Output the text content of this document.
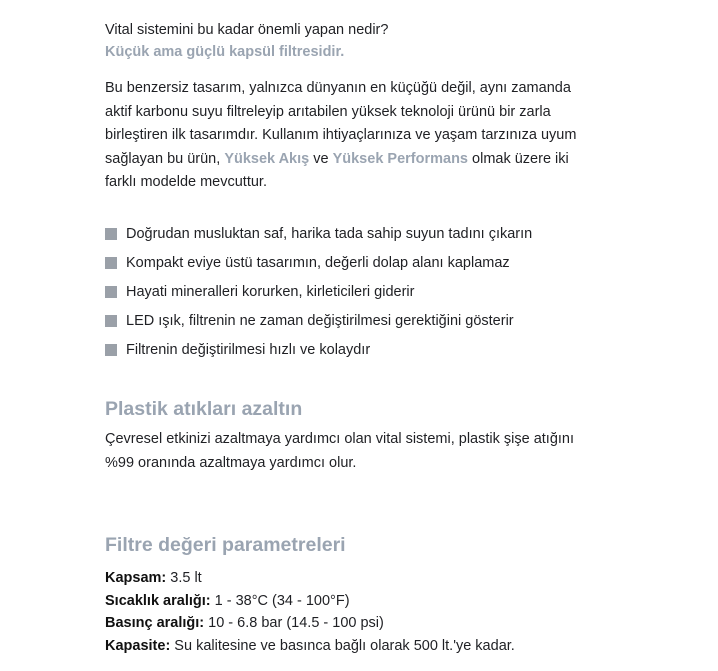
Vital sistemini bu kadar önemli yapan nedir?

Küçük ama güçlü kapsül filtresidir.

Bu benzersiz tasarım, yalnızca dünyanın en küçüğü değil, aynı zamanda aktif karbonu suyu filtreleyip arıtabilen yüksek teknoloji ürünü bir zarla birleştiren ilk tasarımdır. Kullanım ihtiyaçlarınıza ve yaşam tarzınıza uyum sağlayan bu ürün, Yüksek Akış ve Yüksek Performans olmak üzere iki farklı modelde mevcuttur.

Doğrudan musluktan saf, harika tada sahip suyun tadını çıkarın
Kompakt eviye üstü tasarımın, değerli dolap alanı kaplamaz
Hayati mineralleri korurken, kirleticileri giderir
LED ışık, filtrenin ne zaman değiştirilmesi gerektiğini gösterir
Filtrenin değiştirilmesi hızlı ve kolaydır
Plastik atıkları azaltın

Çevresel etkinizi azaltmaya yardımcı olan vital sistemi, plastik şişe atığını %99 oranında azaltmaya yardımcı olur.

Filtre değeri parametreleri
Kapsam: 3.5 lt
Sıcaklık aralığı: 1 - 38°C (34 - 100°F)
Basınç aralığı: 10 - 6.8 bar (14.5 - 100 psi)
Kapasite: Su kalitesine ve basınca bağlı olarak 500 lt.'ye kadar.
